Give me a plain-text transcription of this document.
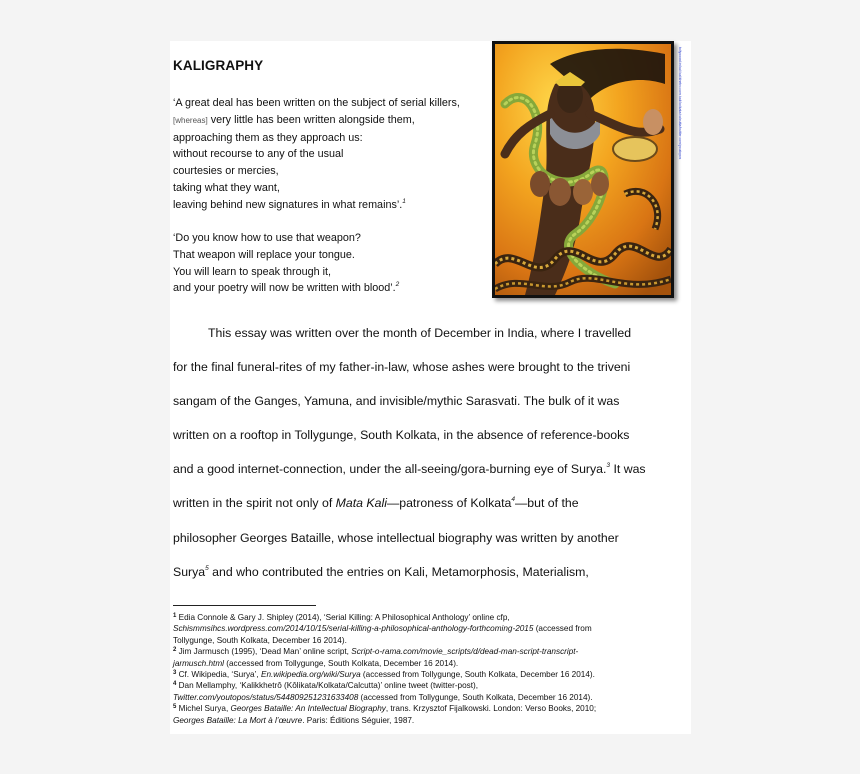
KALIGRAPHY
‘A great deal has been written on the subject of serial killers,
[whereas] very little has been written alongside them,
approaching them as they approach us:
without recourse to any of the usual
courtesies or mercies,
taking what they want,
leaving behind new signatures in what remains’.$^1$
‘Do you know how to use that weapon?
That weapon will replace your tongue.
You will learn to speak through it,
and your poetry will now be written with blood’.$^2$
tollywood.in/kali kalikhetro.com.kali/kolkata/calcutta/twitter.com/youtopos
This essay was written over the month of December in India, where I travelled
for the final funeral-rites of my father-in-law, whose ashes were brought to the triveni
sangam of the Ganges, Yamuna, and invisible/mythic Sarasvati. The bulk of it was
written on a rooftop in Tollygunge, South Kolkata, in the absence of reference-books
and a good internet-connection, under the all-seeing/gora-burning eye of Surya.$^3$ It was
written in the spirit not only of Mata Kali—patroness of Kolkata$^4$—but of the
philosopher Georges Bataille, whose intellectual biography was written by another
Surya$^5$ and who contributed the entries on Kali, Metamorphosis, Materialism,
$^1$ Edia Connole & Gary J. Shipley (2014), ‘Serial Killing: A Philosophical Anthology’ online cfp,
Schismmsihcs.wordpress.com/2014/10/15/serial-killing-a-philosophical-anthology-forthcoming-2015 (accessed from
Tollygunge, South Kolkata, December 16 2014).
$^2$ Jim Jarmusch (1995), ‘Dead Man’ online script, Script-o-rama.com/movie_scripts/d/dead-man-script-transcript-
jarmusch.html (accessed from Tollygunge, South Kolkata, December 16 2014).
$^3$ Cf. Wikipedia, ‘Surya’, En.wikipedia.org/wiki/Surya (accessed from Tollygunge, South Kolkata, December 16 2014).
$^4$ Dan Mellamphy, ‘Kalikkhetrô (Kôlikata/Kolkata/Calcutta)’ online tweet (twitter-post),
Twitter.com/youtopos/status/544809251231633408 (accessed from Tollygunge, South Kolkata, December 16 2014).
$^5$ Michel Surya, Georges Bataille: An Intellectual Biography, trans. Krzysztof Fijalkowski. London: Verso Books, 2010;
Georges Bataille: La Mort à l’œuvre. Paris: Éditions Séguier, 1987.
